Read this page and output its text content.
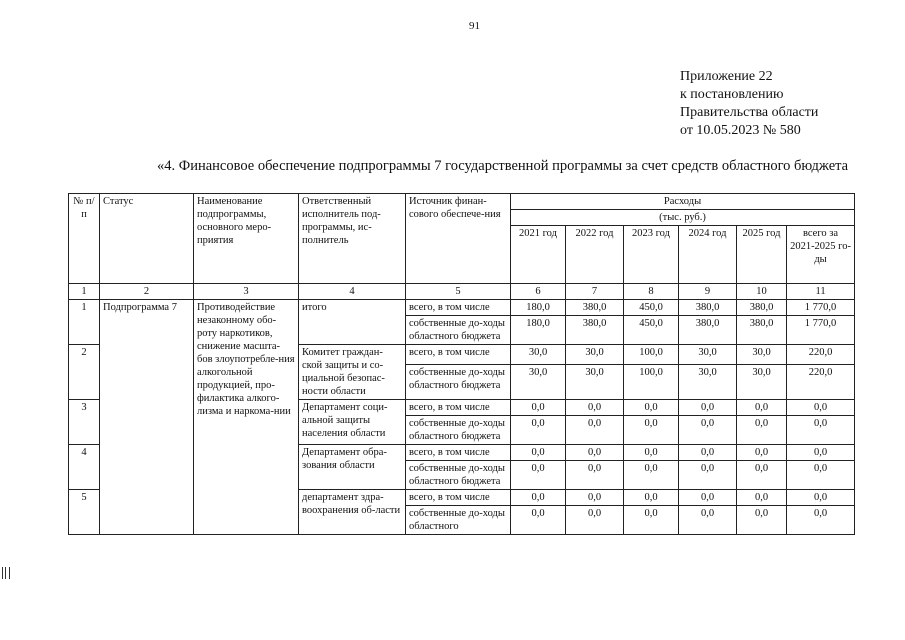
91
Приложение 22
к постановлению
Правительства области
от 10.05.2023 № 580
«4. Финансовое обеспечение подпрограммы 7 государственной программы за счет средств областного бюджета
№ п/п	Статус	Наименование подпрограммы, основного меро-приятия	Ответственный исполнитель под-программы, ис-полнитель	Источник финан-сового обеспече-ния	Расходы					
					(тыс. руб.)					
					2021 год	2022 год	2023 год	2024 год	2025 год	всего за 2021-2025 го-ды
1	2	3	4	5	6	7	8	9	10	11
1	Подпрограмма 7	Противодействие незаконному обо-роту наркотиков, снижение масшта-бов злоупотребле-ния алкогольной продукцией, про-филактика алкого-лизма и наркома-нии	итого	всего, в том числе	180,0	380,0	450,0	380,0	380,0	1 770,0
				собственные до-ходы областного бюджета	180,0	380,0	450,0	380,0	380,0	1 770,0
2			Комитет граждан-ской защиты и со-циальной безопас-ности области	всего, в том числе	30,0	30,0	100,0	30,0	30,0	220,0
				собственные до-ходы областного бюджета	30,0	30,0	100,0	30,0	30,0	220,0
3			Департамент соци-альной защиты населения области	всего, в том числе	0,0	0,0	0,0	0,0	0,0	0,0
				собственные до-ходы областного бюджета	0,0	0,0	0,0	0,0	0,0	0,0
4			Департамент обра-зования области	всего, в том числе	0,0	0,0	0,0	0,0	0,0	0,0
				собственные до-ходы областного бюджета	0,0	0,0	0,0	0,0	0,0	0,0
5			департамент здра-воохранения об-ласти	всего, в том числе	0,0	0,0	0,0	0,0	0,0	0,0
				собственные до-ходы областного	0,0	0,0	0,0	0,0	0,0	0,0
